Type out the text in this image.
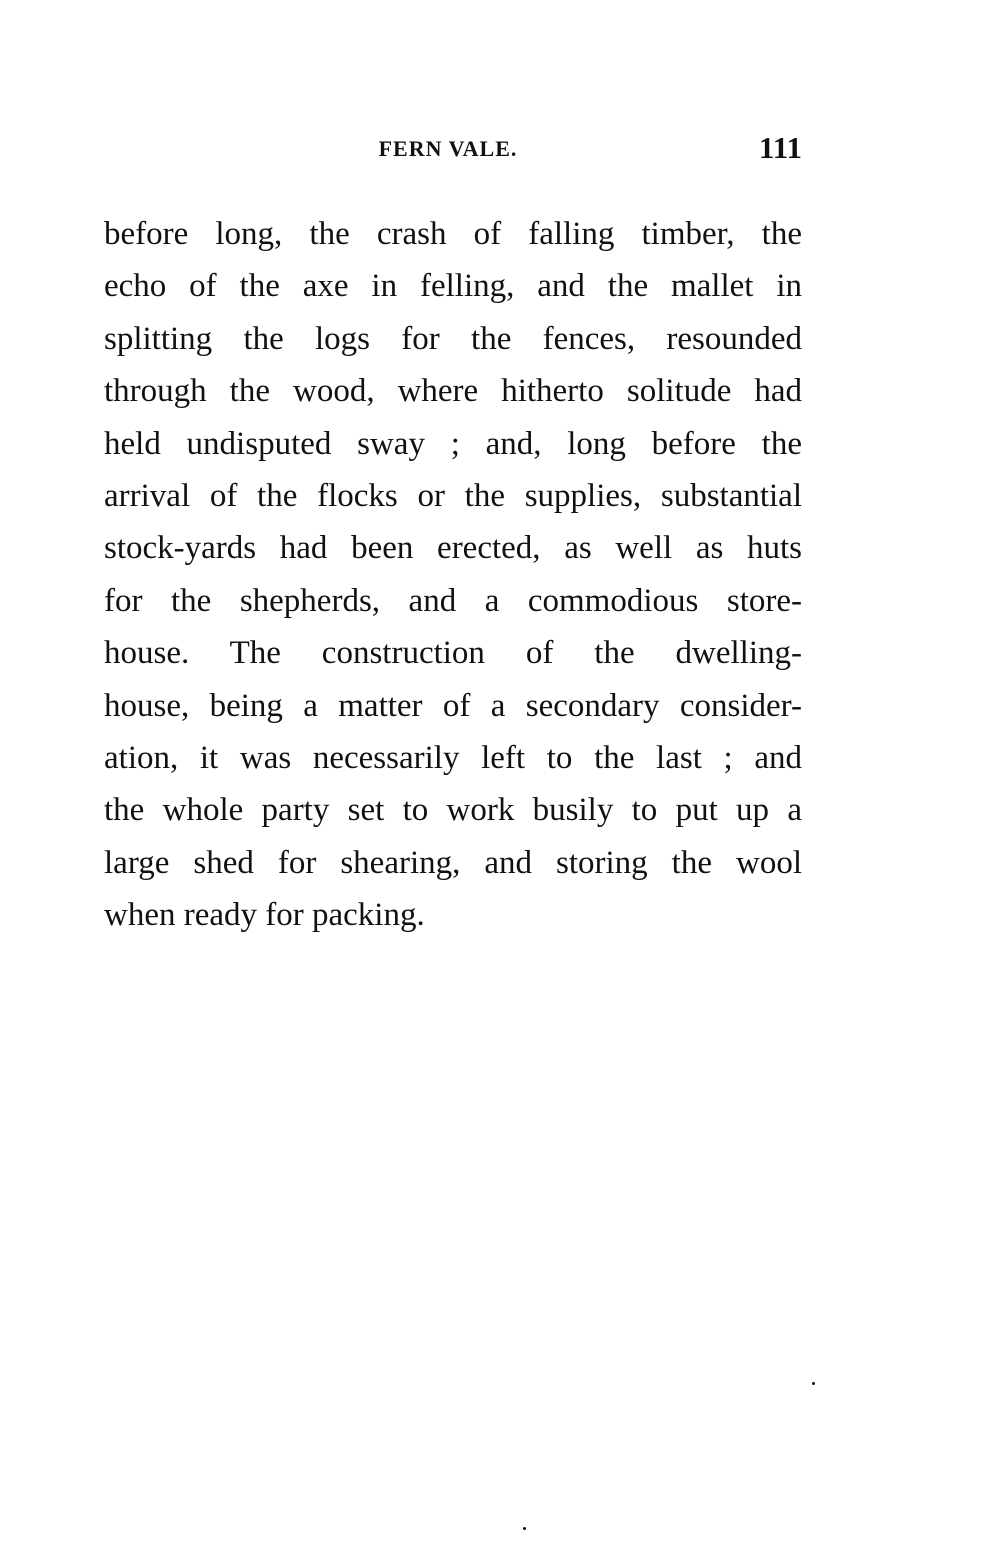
FERN VALE.	111
before long, the crash of falling timber, the
echo of the axe in felling, and the mallet in
splitting the logs for the fences, resounded
through the wood, where hitherto solitude had
held undisputed sway ; and, long before the
arrival of the flocks or the supplies, substantial
stock-yards had been erected, as well as huts
for the shepherds, and a commodious store-
house. The construction of the dwelling-
house, being a matter of a secondary consider-
ation, it was necessarily left to the last ; and
the whole party set to work busily to put up a
large shed for shearing, and storing the wool
when ready for packing.
